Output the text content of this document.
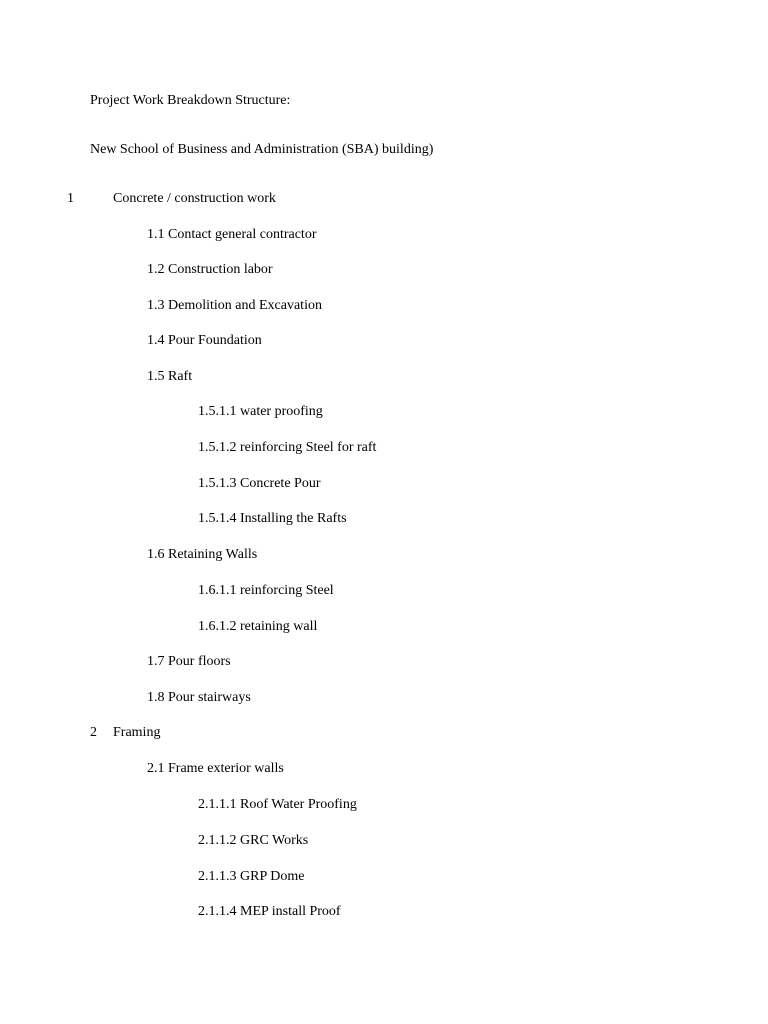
Project Work Breakdown Structure:
New School of Business and Administration (SBA) building)
1	Concrete / construction work
1.1 Contact general contractor
1.2 Construction labor
1.3 Demolition and Excavation
1.4 Pour Foundation
1.5 Raft
1.5.1.1 water proofing
1.5.1.2 reinforcing Steel for raft
1.5.1.3 Concrete Pour
1.5.1.4 Installing the Rafts
1.6 Retaining Walls
1.6.1.1 reinforcing Steel
1.6.1.2 retaining wall
1.7 Pour floors
1.8 Pour stairways
2 Framing
2.1 Frame exterior walls
2.1.1.1 Roof Water Proofing
2.1.1.2 GRC Works
2.1.1.3 GRP Dome
2.1.1.4 MEP install Proof
